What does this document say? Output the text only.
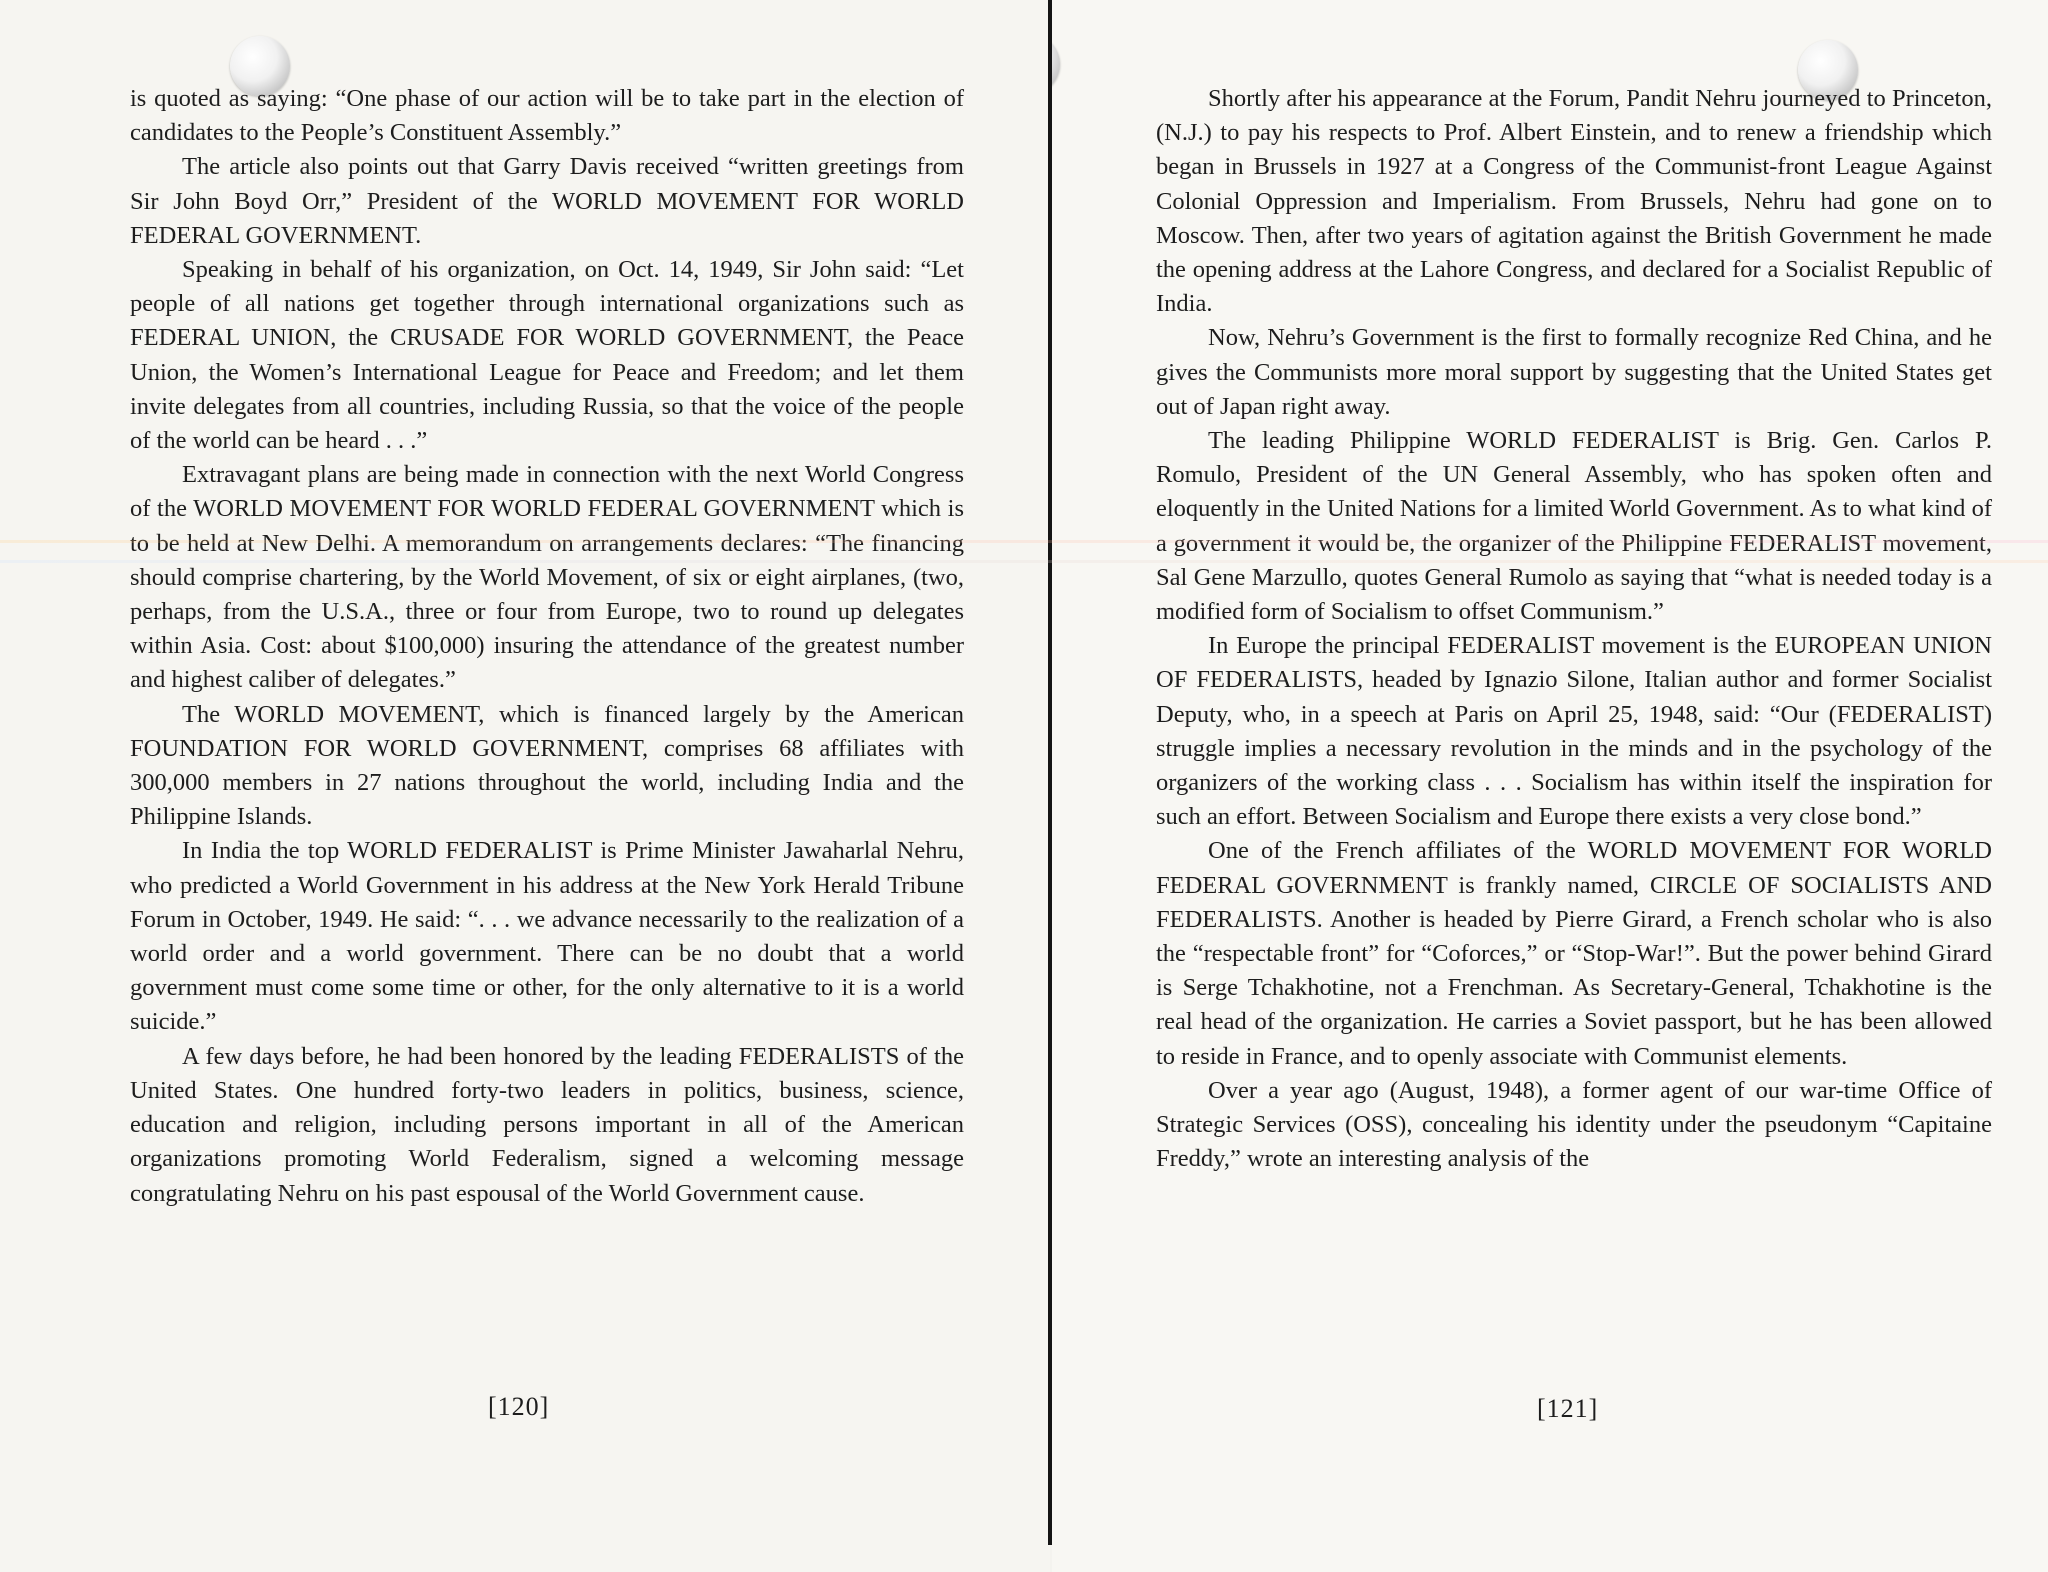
is quoted as saying: “One phase of our action will be to take part in the election of candidates to the People’s Constituent Assembly.”

The article also points out that Garry Davis received “written greetings from Sir John Boyd Orr,” President of the WORLD MOVEMENT FOR WORLD FEDERAL GOVERNMENT.

Speaking in behalf of his organization, on Oct. 14, 1949, Sir John said: “Let people of all nations get together through international organizations such as FEDERAL UNION, the CRUSADE FOR WORLD GOVERNMENT, the Peace Union, the Women’s International League for Peace and Freedom; and let them invite delegates from all countries, including Russia, so that the voice of the people of the world can be heard . . .”

Extravagant plans are being made in connection with the next World Congress of the WORLD MOVEMENT FOR WORLD FEDERAL GOVERNMENT which is to be held at New Delhi. A memorandum on arrangements declares: “The financing should comprise chartering, by the World Movement, of six or eight airplanes, (two, perhaps, from the U.S.A., three or four from Europe, two to round up delegates within Asia. Cost: about $100,000) insuring the attendance of the greatest number and highest caliber of delegates.”

The WORLD MOVEMENT, which is financed largely by the American FOUNDATION FOR WORLD GOVERNMENT, comprises 68 affiliates with 300,000 members in 27 nations throughout the world, including India and the Philippine Islands.

In India the top WORLD FEDERALIST is Prime Minister Jawaharlal Nehru, who predicted a World Government in his address at the New York Herald Tribune Forum in October, 1949. He said: “. . . we advance necessarily to the realization of a world order and a world government. There can be no doubt that a world government must come some time or other, for the only alternative to it is a world suicide.”

A few days before, he had been honored by the leading FEDERALISTS of the United States. One hundred forty-two leaders in politics, business, science, education and religion, including persons important in all of the American organizations promoting World Federalism, signed a welcoming message congratulating Nehru on his past espousal of the World Government cause.

[120]	[121]

Shortly after his appearance at the Forum, Pandit Nehru journeyed to Princeton, (N.J.) to pay his respects to Prof. Albert Einstein, and to renew a friendship which began in Brussels in 1927 at a Congress of the Communist-front League Against Colonial Oppression and Imperialism. From Brussels, Nehru had gone on to Moscow. Then, after two years of agitation against the British Government he made the opening address at the Lahore Congress, and declared for a Socialist Republic of India.

Now, Nehru’s Government is the first to formally recognize Red China, and he gives the Communists more moral support by suggesting that the United States get out of Japan right away.

The leading Philippine WORLD FEDERALIST is Brig. Gen. Carlos P. Romulo, President of the UN General Assembly, who has spoken often and eloquently in the United Nations for a limited World Government. As to what kind of a government it would be, the organizer of the Philippine FEDERALIST movement, Sal Gene Marzullo, quotes General Rumolo as saying that “what is needed today is a modified form of Socialism to offset Communism.”

In Europe the principal FEDERALIST movement is the EUROPEAN UNION OF FEDERALISTS, headed by Ignazio Silone, Italian author and former Socialist Deputy, who, in a speech at Paris on April 25, 1948, said: “Our (FEDERALIST) struggle implies a necessary revolution in the minds and in the psychology of the organizers of the working class . . . Socialism has within itself the inspiration for such an effort. Between Socialism and Europe there exists a very close bond.”

One of the French affiliates of the WORLD MOVEMENT FOR WORLD FEDERAL GOVERNMENT is frankly named, CIRCLE OF SOCIALISTS AND FEDERALISTS. Another is headed by Pierre Girard, a French scholar who is also the “respectable front” for “Coforces,” or “Stop-War!”. But the power behind Girard is Serge Tchakhotine, not a Frenchman. As Secretary-General, Tchakhotine is the real head of the organization. He carries a Soviet passport, but he has been allowed to reside in France, and to openly associate with Communist elements.

Over a year ago (August, 1948), a former agent of our war-time Office of Strategic Services (OSS), concealing his identity under the pseudonym “Capitaine Freddy,” wrote an interesting analysis of the
